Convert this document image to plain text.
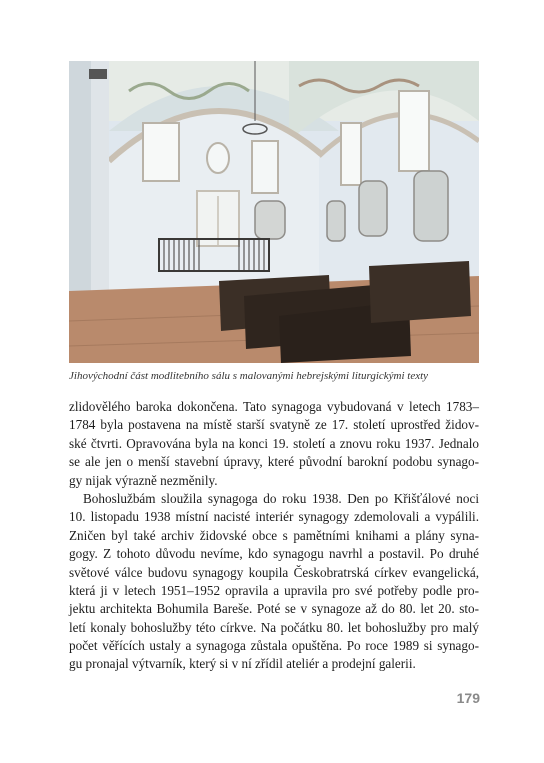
Jihovýchodní část modlitebního sálu s malovanými hebrejskými liturgickými texty
zlidovělého baroka dokončena. Tato synagoga vybudovaná v letech 1783–
1784 byla postavena na místě starší svatyně ze 17. století uprostřed židov-
ské čtvrti. Opravována byla na konci 19. století a znovu roku 1937. Jednalo
se ale jen o menší stavební úpravy, které původní barokní podobu synago-
gy nijak výrazně nezměnily.
Bohoslužbám sloužila synagoga do roku 1938. Den po Křišťálové noci
10. listopadu 1938 místní nacisté interiér synagogy zdemolovali a vypálili.
Zničen byl také archiv židovské obce s pamětními knihami a plány syna-
gogy. Z tohoto důvodu nevíme, kdo synagogu navrhl a postavil. Po druhé
světové válce budovu synagogy koupila Českobratrská církev evangelická,
která ji v letech 1951–1952 opravila a upravila pro své potřeby podle pro-
jektu architekta Bohumila Bareše. Poté se v synagoze až do 80. let 20. sto-
letí konaly bohoslužby této církve. Na počátku 80. let bohoslužby pro malý
počet věřících ustaly a synagoga zůstala opuštěna. Po roce 1989 si synago-
gu pronajal výtvarník, který si v ní zřídil ateliér a prodejní galerii.
179
